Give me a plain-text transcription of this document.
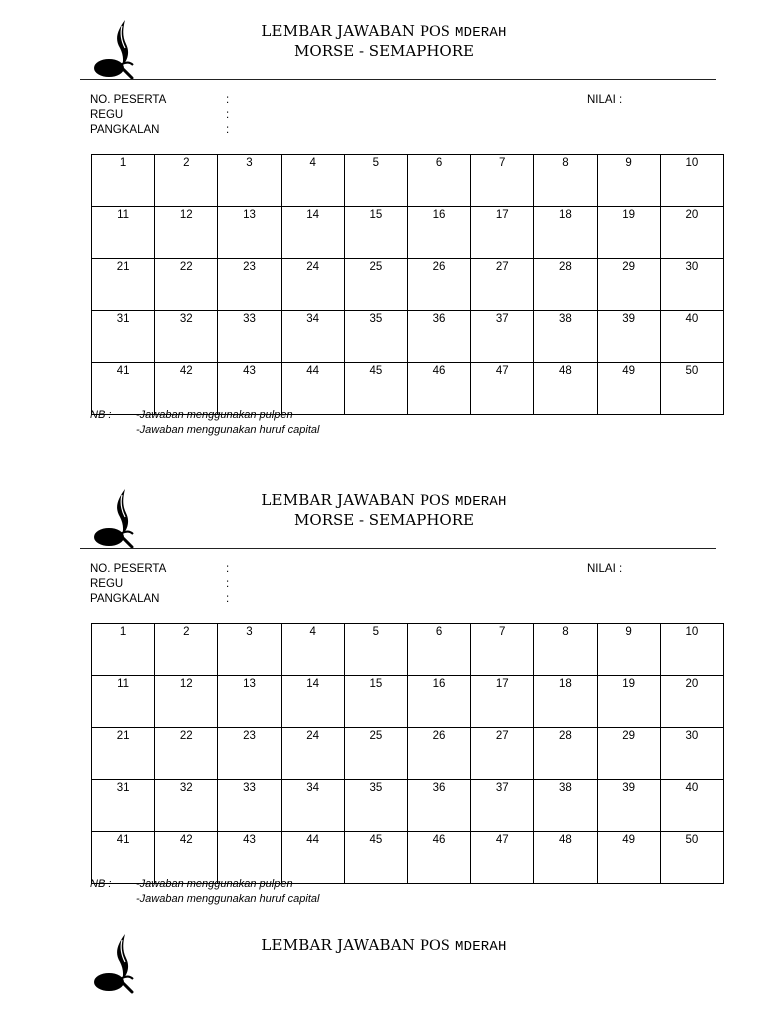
LEMBAR JAWABAN POS MDERAH
MORSE - SEMAPHORE
NO. PESERTA	:	NILAI :
REGU	:
PANGKALAN	:
1	2	3	4	5	6	7	8	9	10
11	12	13	14	15	16	17	18	19	20
21	22	23	24	25	26	27	28	29	30
31	32	33	34	35	36	37	38	39	40
41	42	43	44	45	46	47	48	49	50
NB : -Jawaban menggunakan pulpen
-Jawaban menggunakan huruf capital
LEMBAR JAWABAN POS MDERAH
MORSE - SEMAPHORE
NO. PESERTA	:	NILAI :
REGU	:
PANGKALAN	:
1	2	3	4	5	6	7	8	9	10
11	12	13	14	15	16	17	18	19	20
21	22	23	24	25	26	27	28	29	30
31	32	33	34	35	36	37	38	39	40
41	42	43	44	45	46	47	48	49	50
NB : -Jawaban menggunakan pulpen
-Jawaban menggunakan huruf capital
LEMBAR JAWABAN POS MDERAH
